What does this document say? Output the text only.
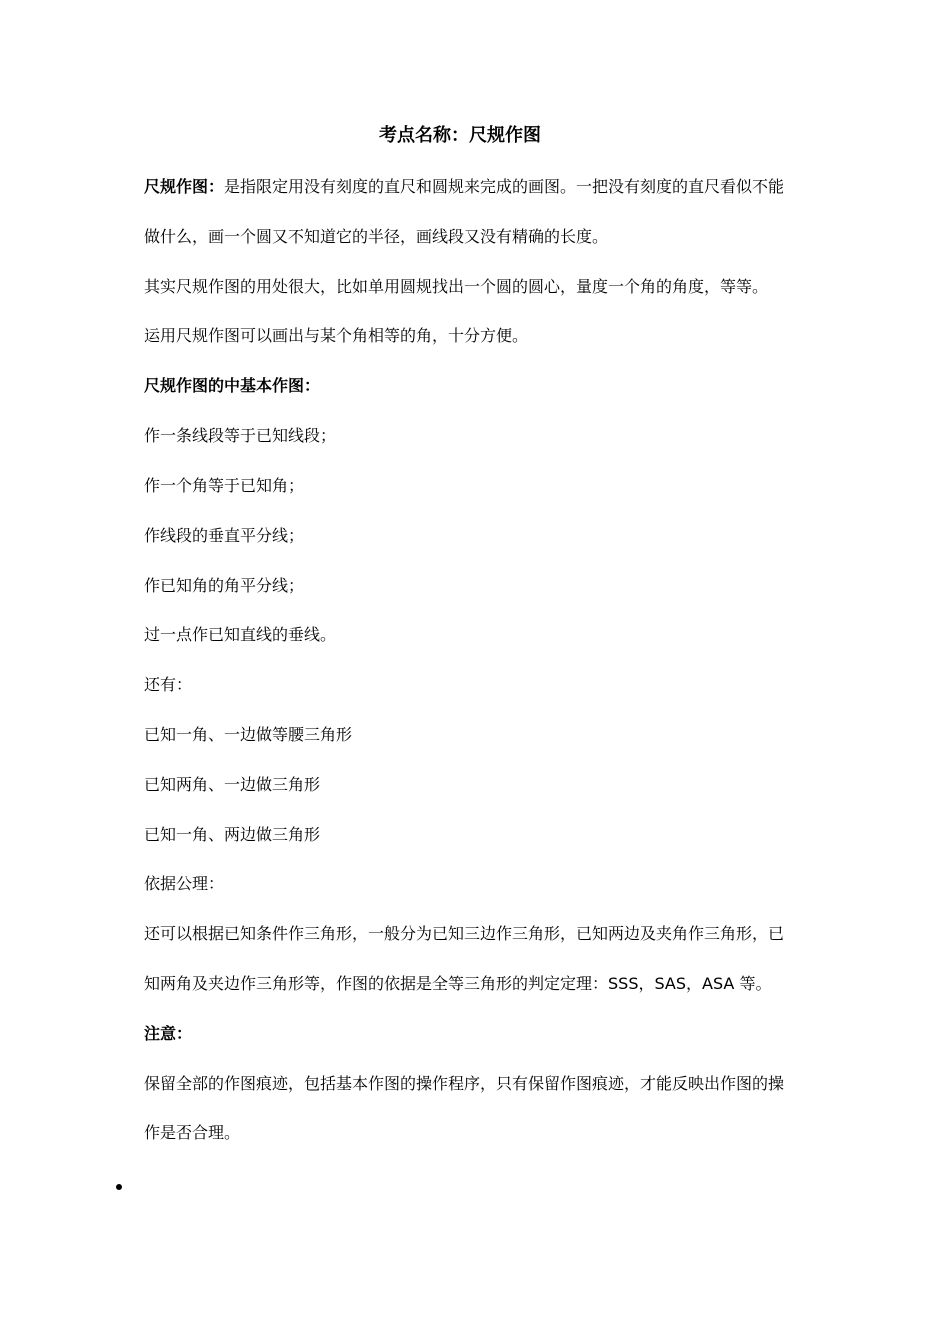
考点名称：尺规作图

尺规作图：是指限定用没有刻度的直尺和圆规来完成的画图。一把没有刻度的直尺看似不能

做什么，画一个圆又不知道它的半径，画线段又没有精确的长度。

其实尺规作图的用处很大，比如单用圆规找出一个圆的圆心，量度一个角的角度，等等。

运用尺规作图可以画出与某个角相等的角，十分方便。

尺规作图的中基本作图：

作一条线段等于已知线段；

作一个角等于已知角；

作线段的垂直平分线；

作已知角的角平分线；

过一点作已知直线的垂线。

还有：

已知一角、一边做等腰三角形

已知两角、一边做三角形

已知一角、两边做三角形

依据公理：

还可以根据已知条件作三角形，一般分为已知三边作三角形，已知两边及夹角作三角形，已

知两角及夹边作三角形等，作图的依据是全等三角形的判定定理：SSS，SAS，ASA 等。

注意：

保留全部的作图痕迹，包括基本作图的操作程序，只有保留作图痕迹，才能反映出作图的操

作是否合理。
